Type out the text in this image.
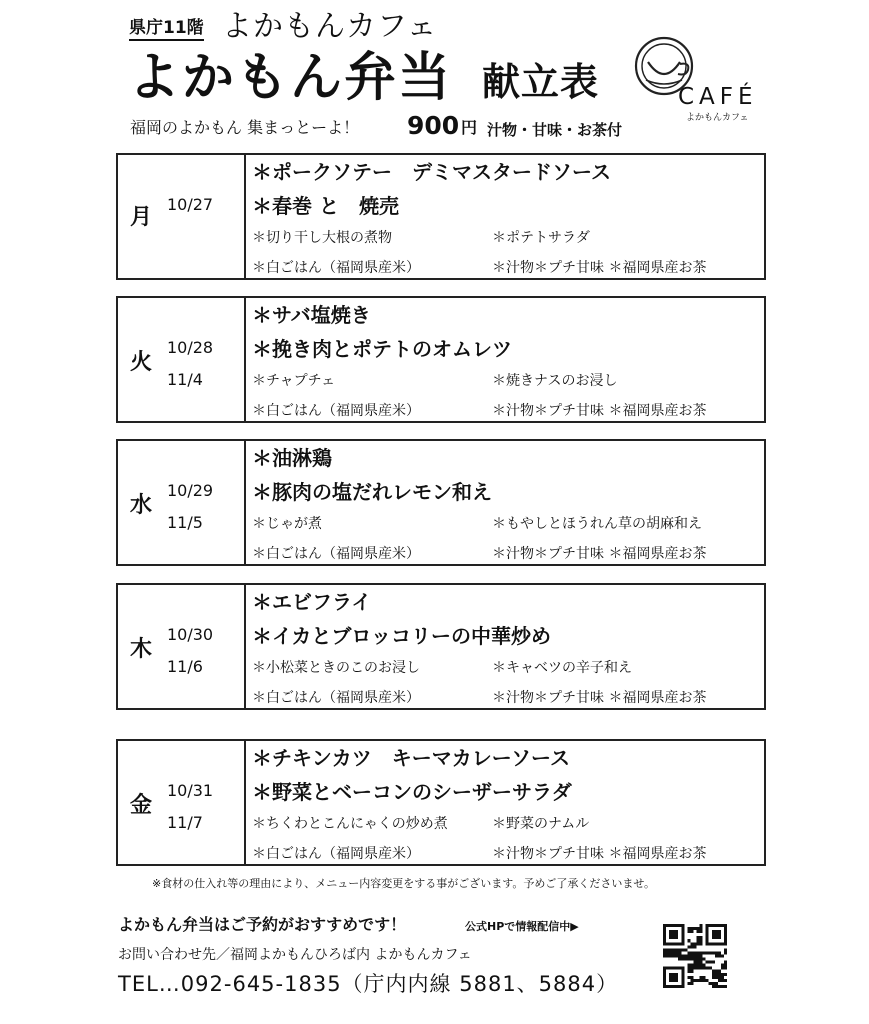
県庁11階 よかもんカフェ
よかもん弁当 献立表
福岡のよかもん 集まっとーよ！ 900 円 汁物・甘味・お茶付
CAFÉ
よかもんカフェ
月
10/27
＊ポークソテー　デミマスタードソース
＊春巻 と　焼売
＊切り干し大根の煮物
＊白ごはん（福岡県産米）
＊ポテトサラダ
＊汁物＊プチ甘味 ＊福岡県産お茶
火
10/28
11/4
＊サバ塩焼き
＊挽き肉とポテトのオムレツ
＊チャプチェ
＊白ごはん（福岡県産米）
＊焼きナスのお浸し
＊汁物＊プチ甘味 ＊福岡県産お茶
水
10/29
11/5
＊油淋鶏
＊豚肉の塩だれレモン和え
＊じゃが煮
＊白ごはん（福岡県産米）
＊もやしとほうれん草の胡麻和え
＊汁物＊プチ甘味 ＊福岡県産お茶
木
10/30
11/6
＊エビフライ
＊イカとブロッコリーの中華炒め
＊小松菜ときのこのお浸し
＊白ごはん（福岡県産米）
＊キャベツの辛子和え
＊汁物＊プチ甘味 ＊福岡県産お茶
金
10/31
11/7
＊チキンカツ　キーマカレーソース
＊野菜とベーコンのシーザーサラダ
＊ちくわとこんにゃくの炒め煮
＊白ごはん（福岡県産米）
＊野菜のナムル
＊汁物＊プチ甘味 ＊福岡県産お茶
※食材の仕入れ等の理由により、メニュー内容変更をする事がございます。予めご了承くださいませ。
よかもん弁当はご予約がおすすめです！	公式HPで情報配信中▶
お問い合わせ先／福岡よかもんひろば内 よかもんカフェ
TEL…092-645-1835（庁内内線 5881、5884）
